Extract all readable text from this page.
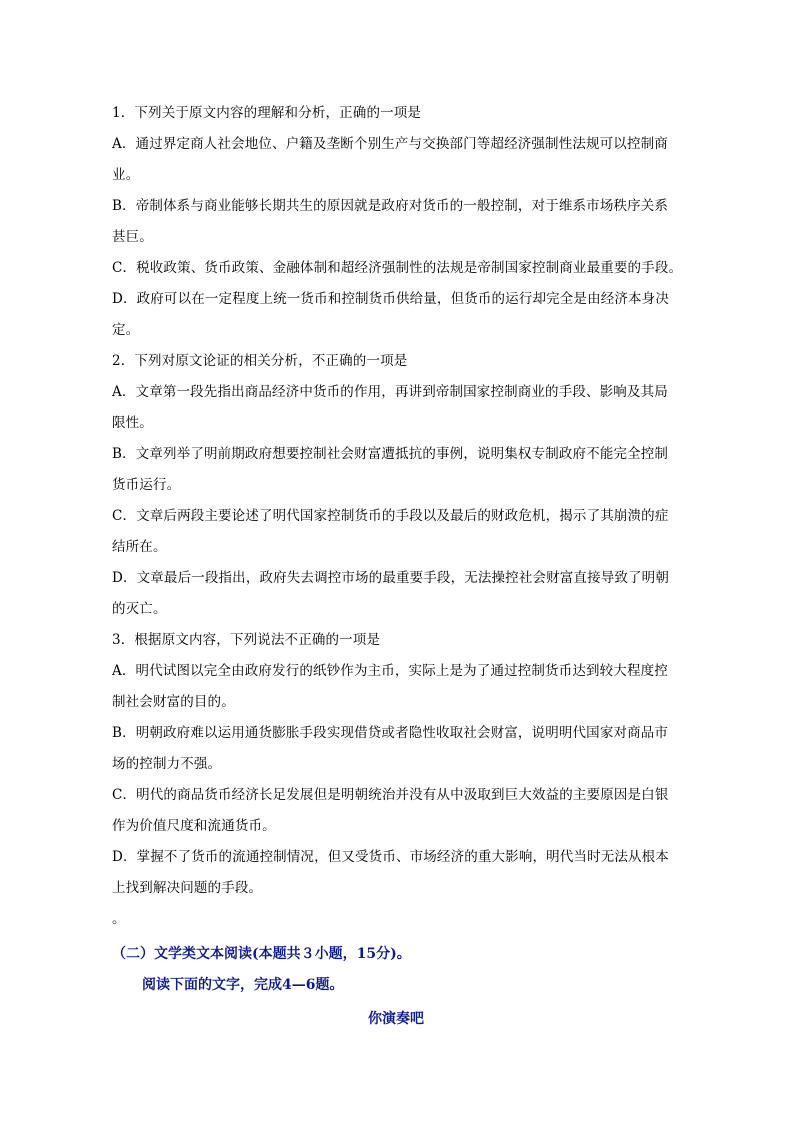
1．下列关于原文内容的理解和分析，正确的一项是
A．通过界定商人社会地位、户籍及垄断个别生产与交换部门等超经济强制性法规可以控制商
业。
B．帝制体系与商业能够长期共生的原因就是政府对货币的一般控制，对于维系市场秩序关系
甚巨。
C．税收政策、货币政策、金融体制和超经济强制性的法规是帝制国家控制商业最重要的手段。
D．政府可以在一定程度上统一货币和控制货币供给量，但货币的运行却完全是由经济本身决
定。
2．下列对原文论证的相关分析，不正确的一项是
A．文章第一段先指出商品经济中货币的作用，再讲到帝制国家控制商业的手段、影响及其局
限性。
B．文章列举了明前期政府想要控制社会财富遭抵抗的事例，说明集权专制政府不能完全控制
货币运行。
C．文章后两段主要论述了明代国家控制货币的手段以及最后的财政危机，揭示了其崩溃的症
结所在。
D．文章最后一段指出，政府失去调控市场的最重要手段，无法操控社会财富直接导致了明朝
的灭亡。
3．根据原文内容，下列说法不正确的一项是
A．明代试图以完全由政府发行的纸钞作为主币，实际上是为了通过控制货币达到较大程度控
制社会财富的目的。
B．明朝政府难以运用通货膨胀手段实现借贷或者隐性收取社会财富，说明明代国家对商品市
场的控制力不强。
C．明代的商品货币经济长足发展但是明朝统治并没有从中汲取到巨大效益的主要原因是白银
作为价值尺度和流通货币。
D．掌握不了货币的流通控制情况，但又受货币、市场经济的重大影响，明代当时无法从根本
上找到解决问题的手段。
。
（二）文学类文本阅读(本题共３小题，15分)。
阅读下面的文字，完成4—6题。
你演奏吧
